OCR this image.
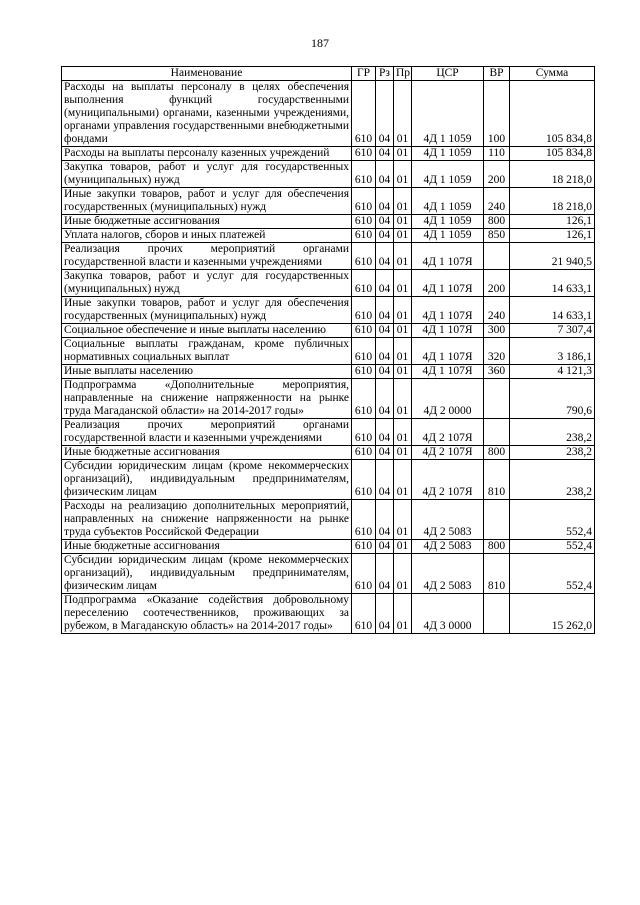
187
Наименование	ГР	Рз	Пр	ЦСР	ВР	Сумма
Расходы на выплаты персоналу в целях обеспечения выполнения функций государственными (муниципальными) органами, казенными учреждениями, органами управления государственными внебюджетными фондами	610	04	01	4Д 1 1059	100	105 834,8
Расходы на выплаты персоналу казенных учреждений	610	04	01	4Д 1 1059	110	105 834,8
Закупка товаров, работ и услуг для государственных (муниципальных) нужд	610	04	01	4Д 1 1059	200	18 218,0
Иные закупки товаров, работ и услуг для обеспечения государственных (муниципальных) нужд	610	04	01	4Д 1 1059	240	18 218,0
Иные бюджетные ассигнования	610	04	01	4Д 1 1059	800	126,1
Уплата налогов, сборов и иных платежей	610	04	01	4Д 1 1059	850	126,1
Реализация прочих мероприятий органами государственной власти и казенными учреждениями	610	04	01	4Д 1 107Я		21 940,5
Закупка товаров, работ и услуг для государственных (муниципальных) нужд	610	04	01	4Д 1 107Я	200	14 633,1
Иные закупки товаров, работ и услуг для обеспечения государственных (муниципальных) нужд	610	04	01	4Д 1 107Я	240	14 633,1
Социальное обеспечение и иные выплаты населению	610	04	01	4Д 1 107Я	300	7 307,4
Социальные выплаты гражданам, кроме публичных нормативных социальных выплат	610	04	01	4Д 1 107Я	320	3 186,1
Иные выплаты населению	610	04	01	4Д 1 107Я	360	4 121,3
Подпрограмма «Дополнительные мероприятия, направленные на снижение напряженности на рынке труда Магаданской области» на 2014-2017 годы»	610	04	01	4Д 2 0000		790,6
Реализация прочих мероприятий органами государственной власти и казенными учреждениями	610	04	01	4Д 2 107Я		238,2
Иные бюджетные ассигнования	610	04	01	4Д 2 107Я	800	238,2
Субсидии юридическим лицам (кроме некоммерческих организаций), индивидуальным предпринимателям, физическим лицам	610	04	01	4Д 2 107Я	810	238,2
Расходы на реализацию дополнительных мероприятий, направленных на снижение напряженности на рынке труда субъектов Российской Федерации	610	04	01	4Д 2 5083		552,4
Иные бюджетные ассигнования	610	04	01	4Д 2 5083	800	552,4
Субсидии юридическим лицам (кроме некоммерческих организаций), индивидуальным предпринимателям, физическим лицам	610	04	01	4Д 2 5083	810	552,4
Подпрограмма «Оказание содействия добровольному переселению соотечественников, проживающих за рубежом, в Магаданскую область» на 2014-2017 годы»	610	04	01	4Д 3 0000		15 262,0
